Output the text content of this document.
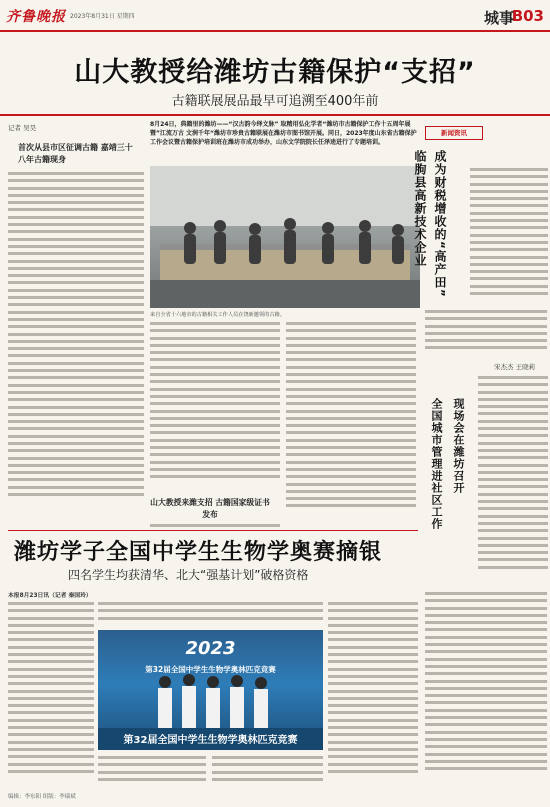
齐鲁晚报 2023年8月31日 星期四	城事
B03
山大教授给潍坊古籍保护“支招”
古籍联展展品最早可追溯至400年前
记者 吴昊
首次从县市区征调古籍 嘉靖三十八年古籍现身
8月24日，典籍里的潍坊——“汉古韵今绎文脉” 取精用弘化学者“潍坊市古籍保护工作十五周年展暨”江流万古 文润千年“潍坊市珍贵古籍联展在潍坊市图书馆开展。同日，2023年度山东省古籍保护工作会议暨古籍保护培训班在潍坊市成功举办，山东文学院院长任泽逵进行了专题培训。
来自全省十六地市的古籍相关工作人员在饶新邀领的古籍。
山大教授来潍支招 古籍国家级证书发布
新闻资讯
成为财税增收的“高产田”
临朐县高新技术企业
宋杰杰 王晓莉
现场会在潍坊召开
全国城市管理进社区工作
潍坊学子全国中学生生物学奥赛摘银
四名学生均获清华、北大“强基计划”破格资格
本报8月23日讯（记者 秦国玲）
2023
第32届全国中学生生物学奥林匹克竞赛
第32届全国中学生生物学奥林匹克竞赛
编辑：李东阳 组版：李瑞斌
